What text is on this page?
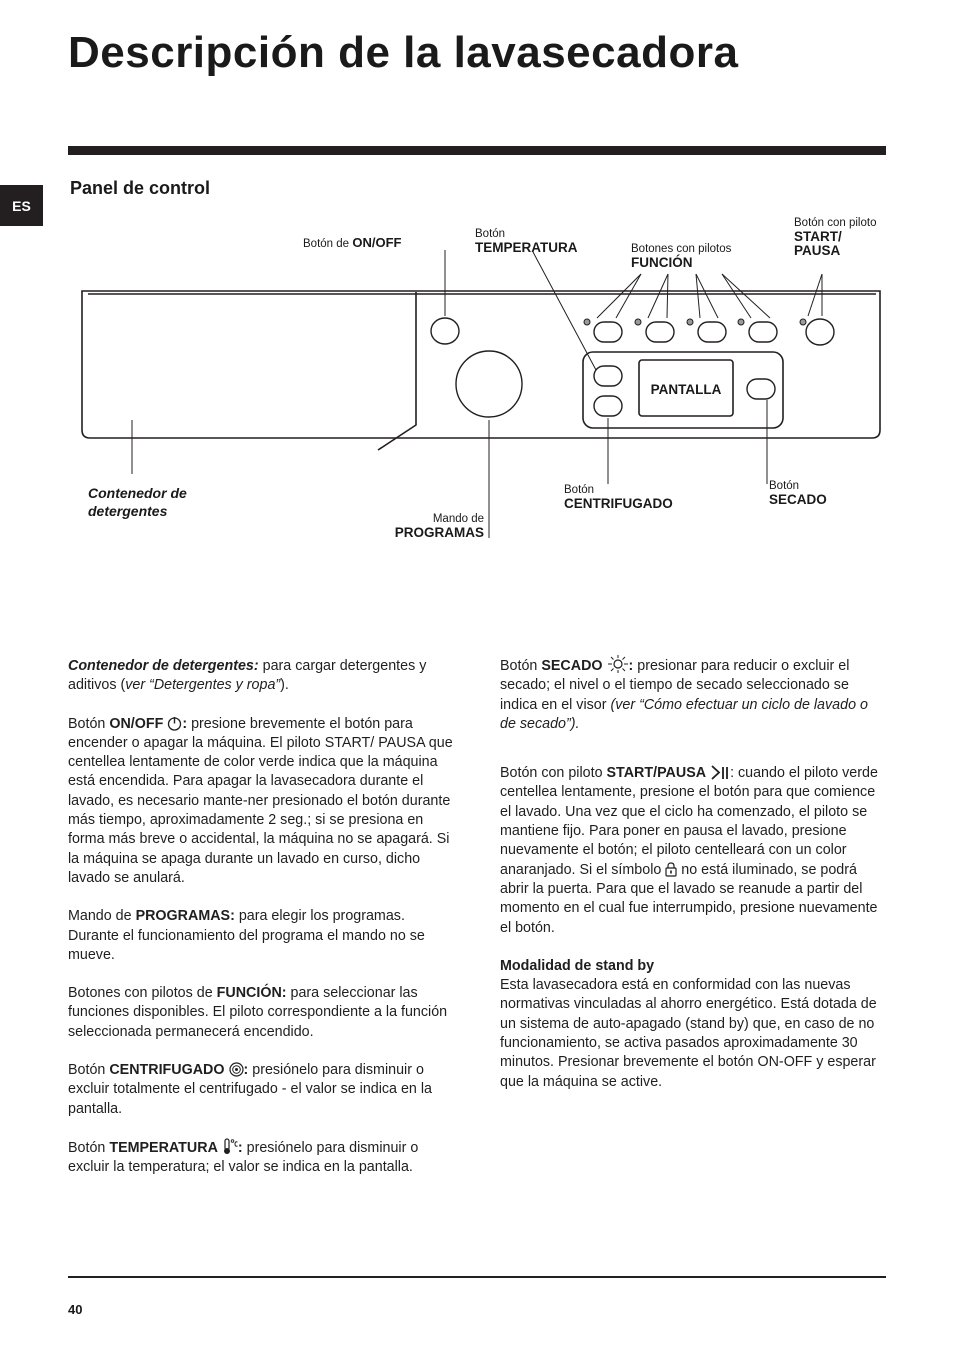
Descripción de la lavasecadora
ES
Panel de control
PANTALLA
Botón de ON/OFF
Botón
TEMPERATURA	Botones con pilotos
FUNCIÓN
Botón con piloto
START/
PAUSA
Contenedor de detergentes	Mando de
PROGRAMAS
Botón
CENTRIFUGADO
Botón
SECADO

Contenedor de detergentes: para cargar detergentes y aditivos (ver “Detergentes y ropa”).

Botón ON/OFF : presione brevemente el botón para encender o apagar la máquina. El piloto START/ PAUSA que centellea lentamente de color verde indica que la máquina está encendida. Para apagar la lavasecadora durante el lavado, es necesario mante-ner presionado el botón durante más tiempo, aproximadamente 2 seg.; si se presiona en forma más breve o accidental, la máquina no se apagará. Si la máquina se apaga durante un lavado en curso, dicho lavado se anulará.

Mando de PROGRAMAS: para elegir los programas. Durante el funcionamiento del programa el mando no se mueve.

Botones con pilotos de FUNCIÓN: para seleccionar las funciones disponibles. El piloto correspondiente a la función seleccionada permanecerá encendido.

Botón CENTRIFUGADO : presiónelo para disminuir o excluir totalmente el centrifugado - el valor se indica en la pantalla.

Botón TEMPERATURA : presiónelo para disminuir o excluir la temperatura; el valor se indica en la pantalla.

Botón SECADO : presionar para reducir o excluir el secado; el nivel o el tiempo de secado seleccionado se indica en el visor (ver “Cómo efectuar un ciclo de lavado o de secado”).

Botón con piloto START/PAUSA : cuando el piloto verde centellea lentamente, presione el botón para que comience el lavado. Una vez que el ciclo ha comenzado, el piloto se mantiene fijo. Para poner en pausa el lavado, presione nuevamente el botón; el piloto centelleará con un color anaranjado. Si el símbolo  no está iluminado, se podrá abrir la puerta. Para que el lavado se reanude a partir del momento en el cual fue interrumpido, presione nuevamente el botón.

Modalidad de stand by
Esta lavasecadora está en conformidad con las nuevas normativas vinculadas al ahorro energético. Está dotada de un sistema de auto-apagado (stand by) que, en caso de no funcionamiento, se activa pasados aproximadamente 30 minutos. Presionar brevemente el botón ON-OFF y esperar que la máquina se active.

40
